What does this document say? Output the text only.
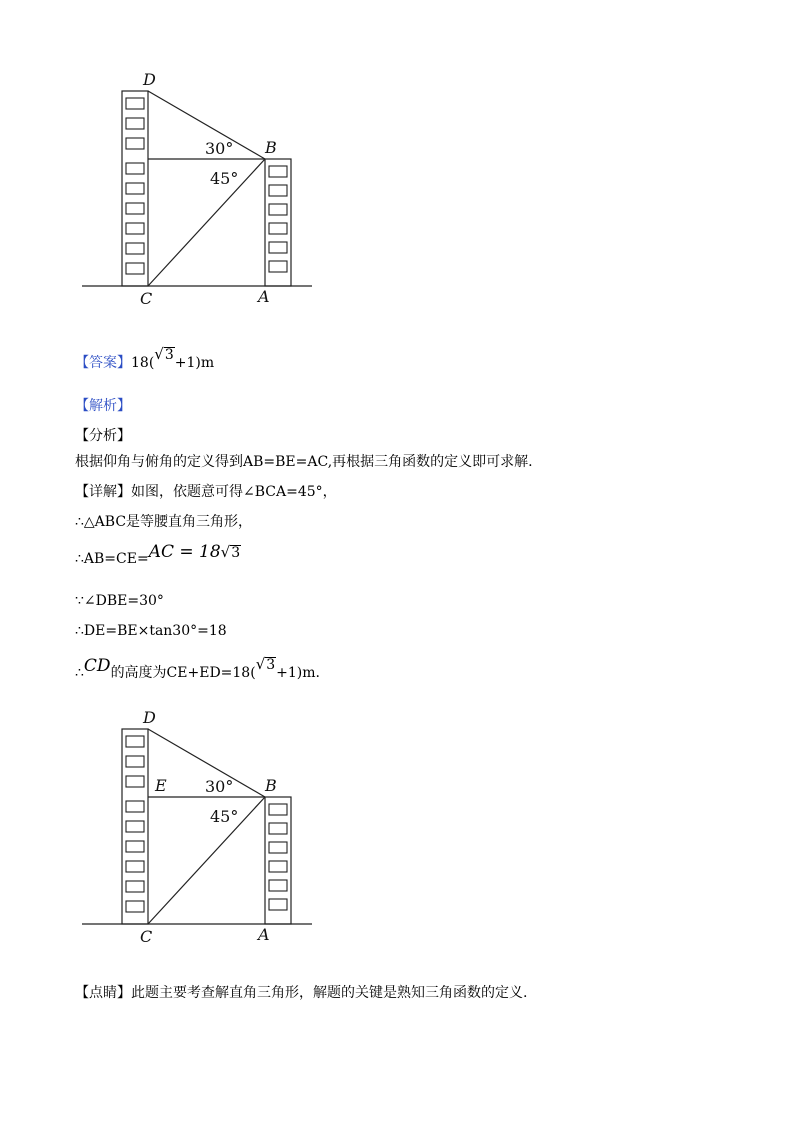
D
B
C	A
30°
45°
【答案】18(√3+1)m
【解析】
【分析】
根据仰角与俯角的定义得到AB=BE=AC,再根据三角函数的定义即可求解.
【详解】如图，依题意可得∠BCA=45°，
∴△ABC是等腰直角三角形，
∴AB=CE=AC = 18√3
∵∠DBE=30°
∴DE=BE×tan30°=18
∴CD的高度为CE+ED=18(√3+1)m.
D
E	B
C	A
30°
45°
【点睛】此题主要考查解直角三角形，解题的关键是熟知三角函数的定义.
